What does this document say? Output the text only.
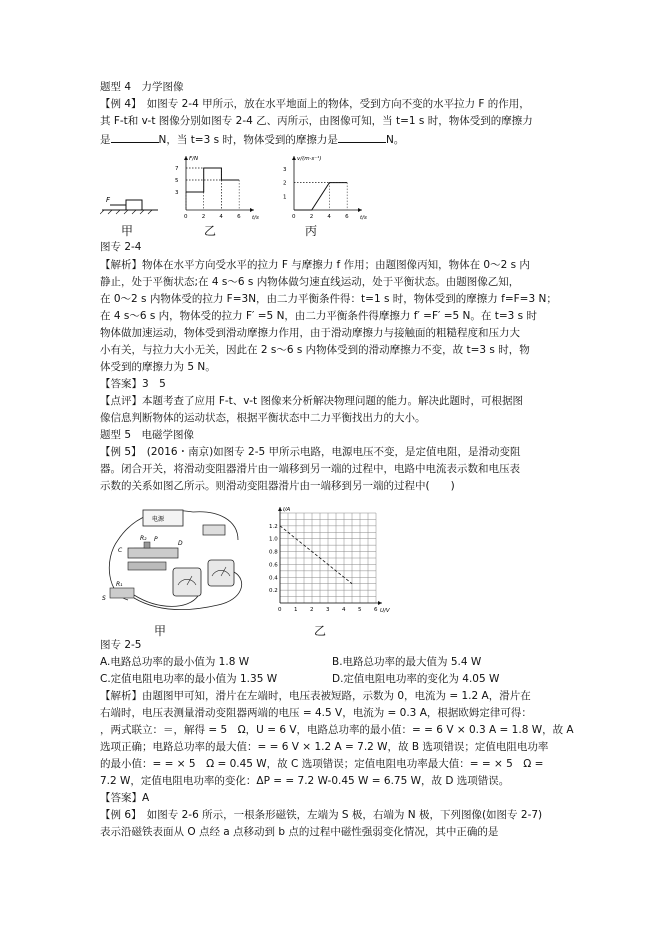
题型 4　力学图像
【例 4】　如图专 2-4 甲所示，放在水平地面上的物体，受到方向不变的水平拉力 F 的作用，
其 F-t和 v-t 图像分别如图专 2-4 乙、丙所示，由图像可知，当 t=1 s 时，物体受到的摩擦力
是	N，当 t=3 s 时，物体受到的摩擦力是	N。
F
F/N
t/s
0	2	4	6
7
5
3
v/(m·s⁻¹)
t/s
0	2	4	6
3
2
1
甲	乙	丙
图专 2-4
【解析】物体在水平方向受水平的拉力 F 与摩擦力 f 作用；由题图像丙知，物体在 0～2 s 内
静止，处于平衡状态;在 4 s～6 s 内物体做匀速直线运动，处于平衡状态。由题图像乙知，
在 0～2 s 内物体受的拉力 F=3N，由二力平衡条件得：t=1 s 时，物体受到的摩擦力 f=F=3 N；
在 4 s～6 s 内，物体受的拉力 F′ =5 N，由二力平衡条件得摩擦力 f′ =F′ =5 N。在 t=3 s 时
物体做加速运动，物体受到滑动摩擦力作用，由于滑动摩擦力与接触面的粗糙程度和压力大
小有关，与拉力大小无关，因此在 2 s～6 s 内物体受到的滑动摩擦力不变，故 t=3 s 时，物
体受到的摩擦力为 5 N。
【答案】3　5
【点评】本题考查了应用 F-t、v-t 图像来分析解决物理问题的能力。解决此题时，可根据图
像信息判断物体的运动状态，根据平衡状态中二力平衡找出力的大小。
题型 5　电磁学图像
【例 5】　(2016・南京)如图专 2-5 甲所示电路，电源电压不变，是定值电阻，是滑动变阻
器。闭合开关，将滑动变阻器滑片由一端移到另一端的过程中，电路中电流表示数和电压表
示数的关系如图乙所示。则滑动变阻器滑片由一端移到另一端的过程中(　　)
电源
C
R₂
D
P
R₁
S
I/A
U/V
0 1 2 3 4 5 6
1.2
1.0
0.8
0.6
0.4
0.2
甲	乙
图专 2-5
A.电路总功率的最小值为 1.8 W	B.电路总功率的最大值为 5.4 W
C.定值电阻电功率的最小值为 1.35 W	D.定值电阻电功率的变化为 4.05 W
【解析】由题图甲可知，滑片在左端时，电压表被短路，示数为 0，电流为 = 1.2 A，滑片在
右端时，电压表测量滑动变阻器两端的电压 = 4.5 V，电流为 = 0.3 A，根据欧姆定律可得：
，两式联立：＝，解得 = 5　Ω，U = 6 V，电路总功率的最小值：= = 6 V × 0.3 A = 1.8 W，故 A
选项正确；电路总功率的最大值：= = 6 V × 1.2 A = 7.2 W，故 B 选项错误；定值电阻电功率
的最小值：= = × 5　Ω = 0.45 W，故 C 选项错误；定值电阻电功率最大值：= = × 5　Ω =
7.2 W，定值电阻电功率的变化：ΔP = = 7.2 W-0.45 W = 6.75 W，故 D 选项错误。
【答案】A
【例 6】　如图专 2-6 所示，一根条形磁铁，左端为 S 极，右端为 N 极，下列图像(如图专 2-7)
表示沿磁铁表面从 O 点经 a 点移动到 b 点的过程中磁性强弱变化情况，其中正确的是
